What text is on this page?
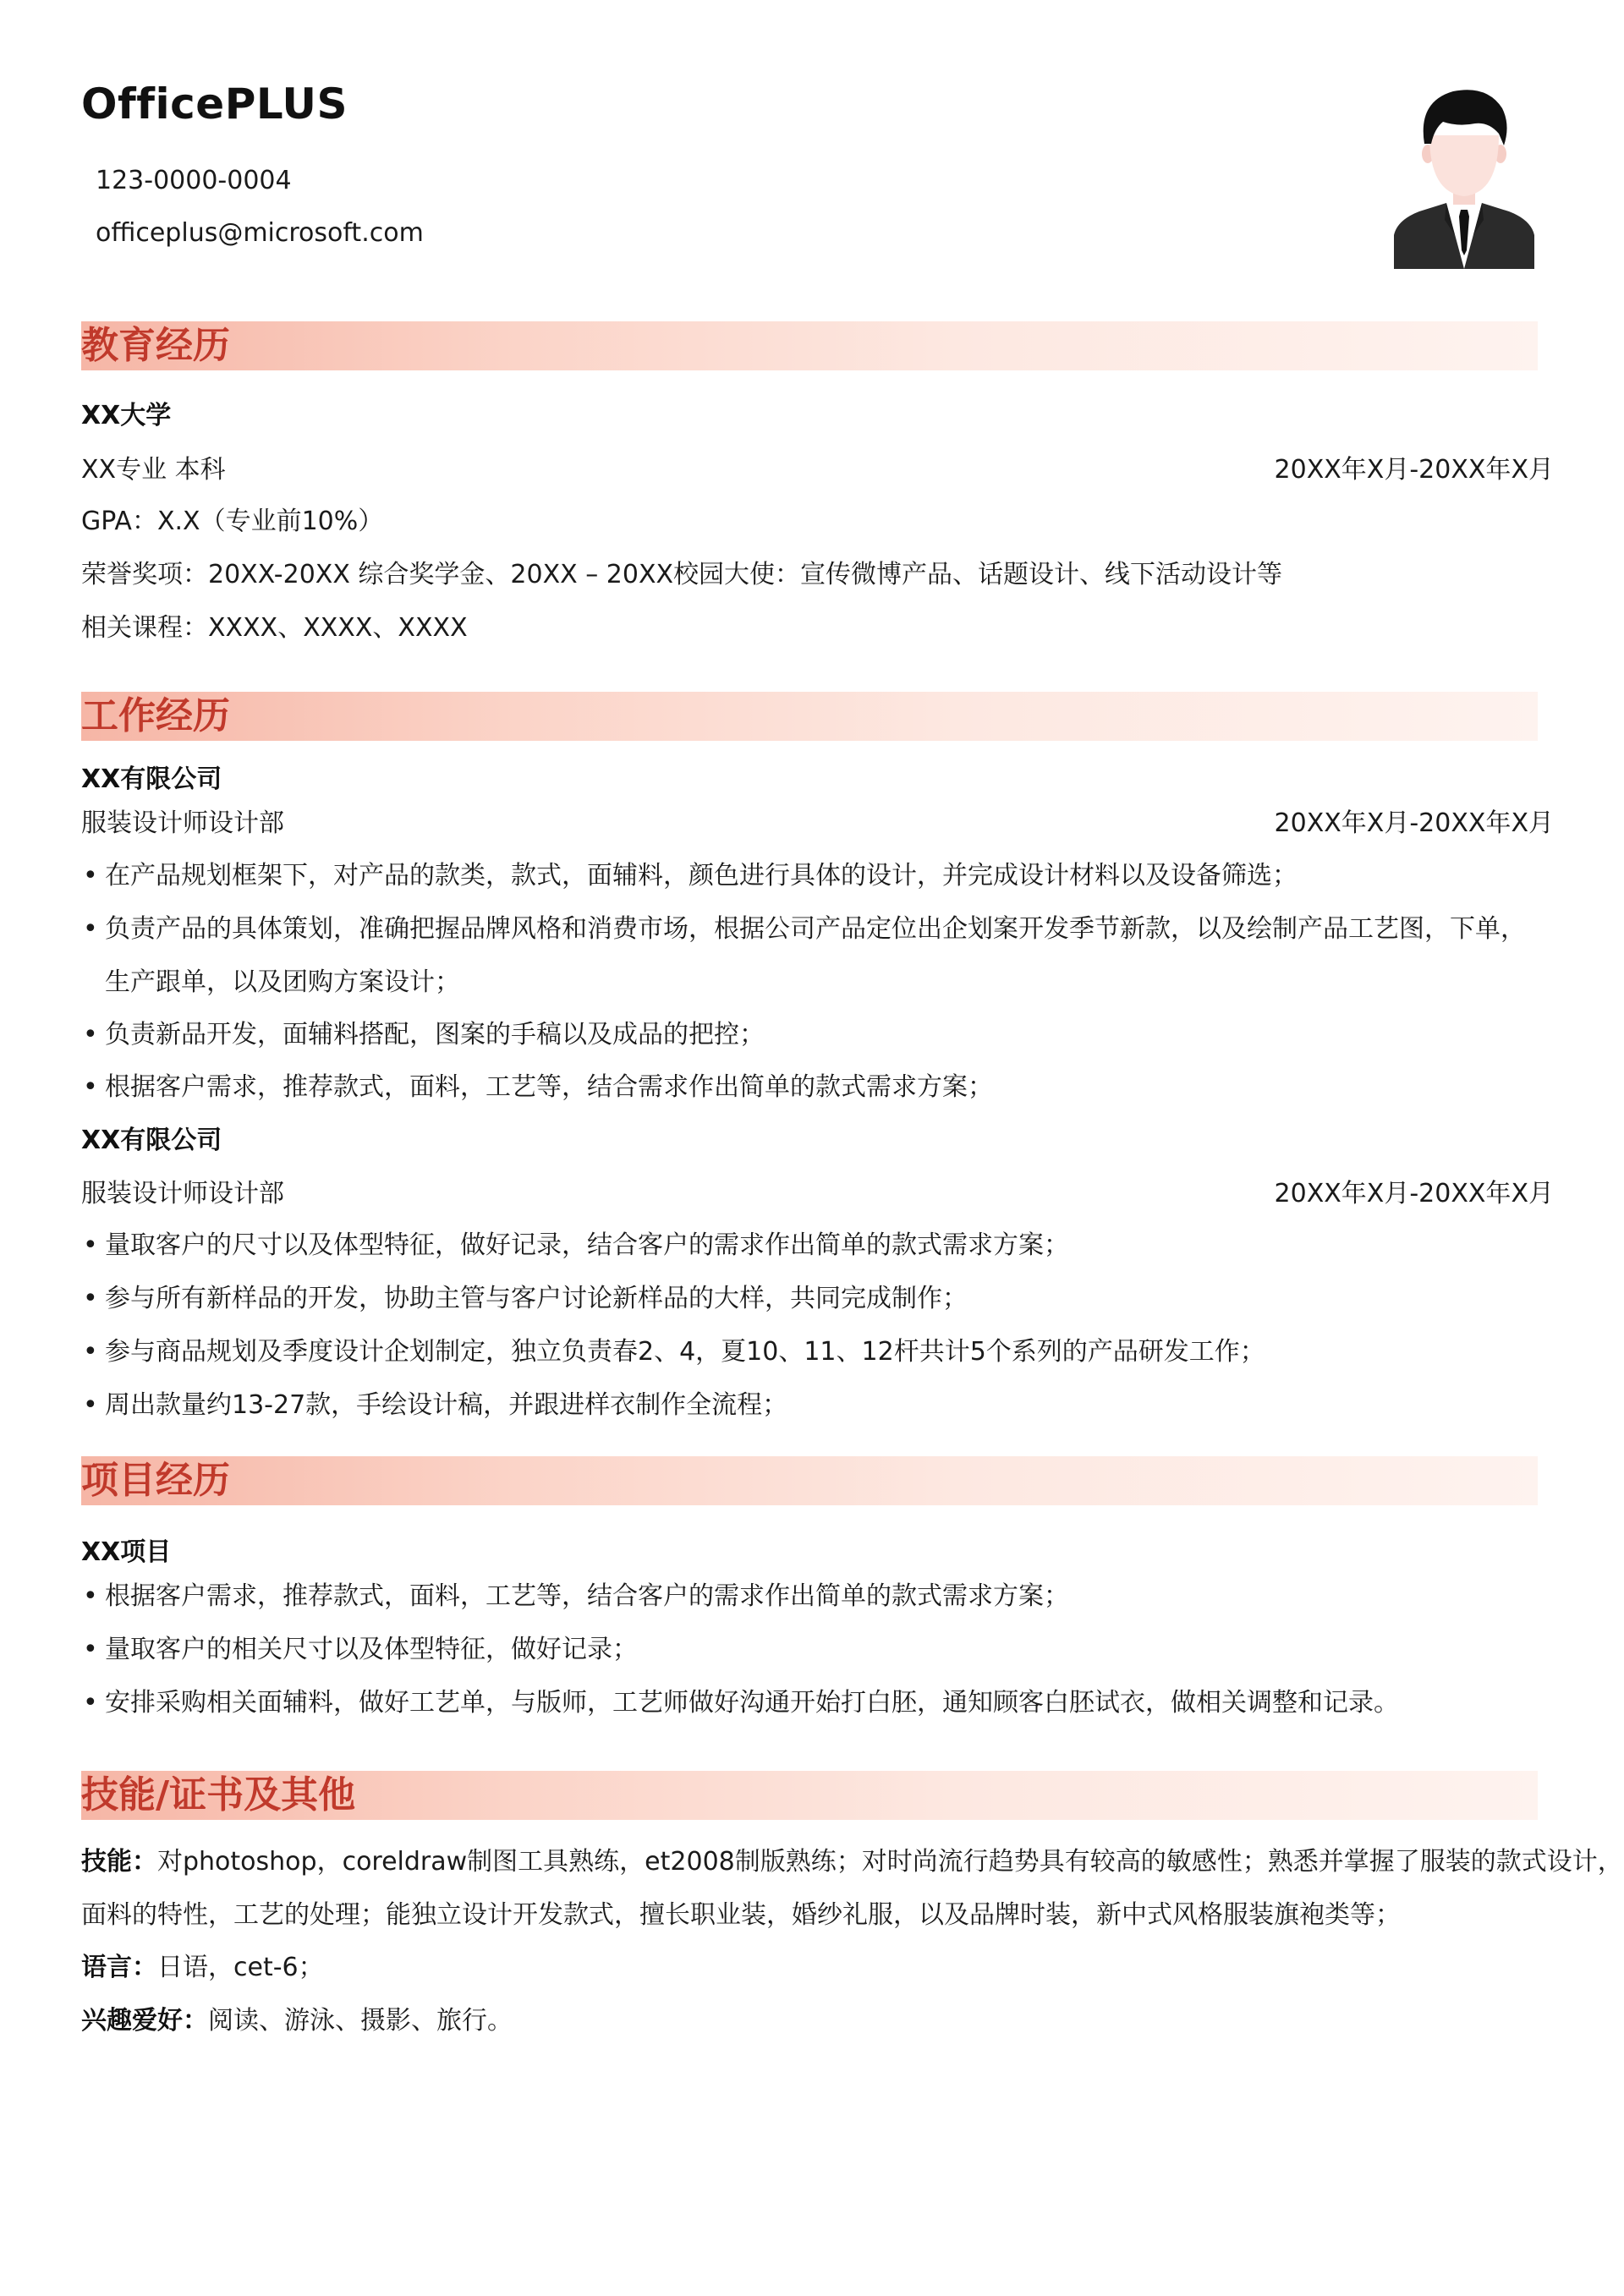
OfficePLUS
123-0000-0004
officeplus@microsoft.com
教育经历
XX大学
XX专业 本科	20XX年X月-20XX年X月
GPA：X.X（专业前10%）
荣誉奖项：20XX-20XX 综合奖学金、20XX – 20XX校园大使：宣传微博产品、话题设计、线下活动设计等
相关课程：XXXX、XXXX、XXXX
工作经历
XX有限公司
服装设计师设计部	20XX年X月-20XX年X月
• 在产品规划框架下，对产品的款类，款式，面辅料，颜色进行具体的设计，并完成设计材料以及设备筛选；
• 负责产品的具体策划，准确把握品牌风格和消费市场，根据公司产品定位出企划案开发季节新款，以及绘制产品工艺图，下单，
生产跟单，以及团购方案设计；
• 负责新品开发，面辅料搭配，图案的手稿以及成品的把控；
• 根据客户需求，推荐款式，面料，工艺等，结合需求作出简单的款式需求方案；
XX有限公司
服装设计师设计部	20XX年X月-20XX年X月
• 量取客户的尺寸以及体型特征，做好记录，结合客户的需求作出简单的款式需求方案；
• 参与所有新样品的开发，协助主管与客户讨论新样品的大样，共同完成制作；
• 参与商品规划及季度设计企划制定，独立负责春2、4，夏10、11、12杆共计5个系列的产品研发工作；
• 周出款量约13-27款，手绘设计稿，并跟进样衣制作全流程；
项目经历
XX项目
• 根据客户需求，推荐款式，面料，工艺等，结合客户的需求作出简单的款式需求方案；
• 量取客户的相关尺寸以及体型特征，做好记录；
• 安排采购相关面辅料，做好工艺单，与版师，工艺师做好沟通开始打白胚，通知顾客白胚试衣，做相关调整和记录。
技能/证书及其他
技能：对photoshop，coreldraw制图工具熟练，et2008制版熟练；对时尚流行趋势具有较高的敏感性；熟悉并掌握了服装的款式设计，
面料的特性，工艺的处理；能独立设计开发款式，擅长职业装，婚纱礼服，以及品牌时装，新中式风格服装旗袍类等；
语言：日语，cet-6；
兴趣爱好：阅读、游泳、摄影、旅行。
